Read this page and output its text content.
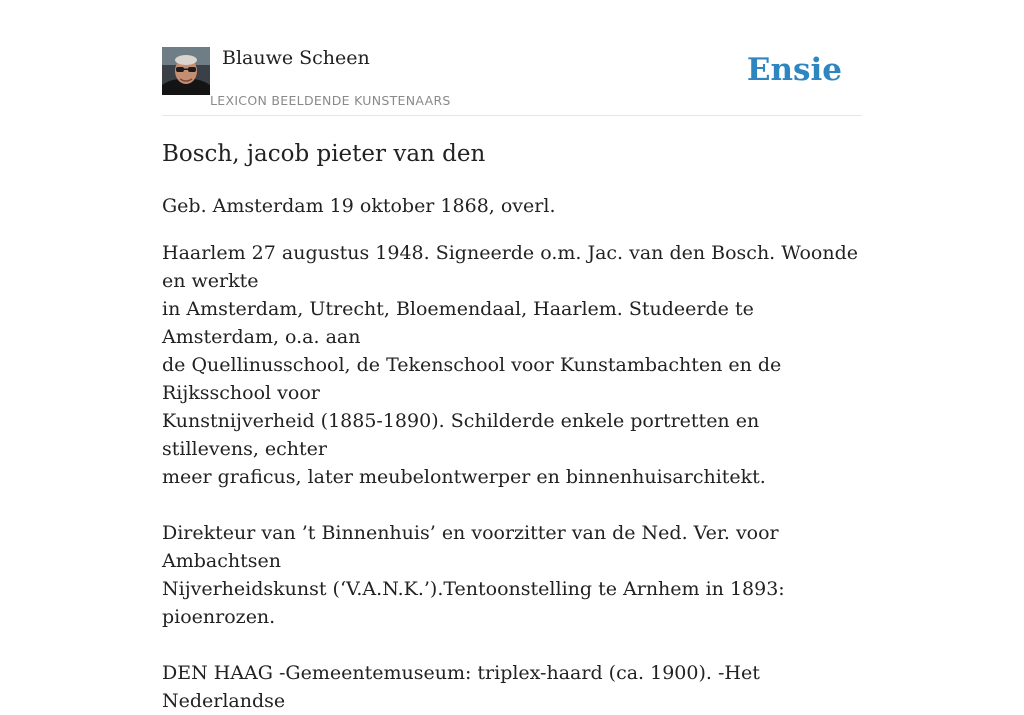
Blauwe Scheen
LEXICON BEELDENDE KUNSTENAARS
Ensie
Bosch, jacob pieter van den

Geb. Amsterdam 19 oktober 1868, overl.

Haarlem 27 augustus 1948. Signeerde o.m. Jac. van den Bosch. Woonde en werkte
in Amsterdam, Utrecht, Bloemendaal, Haarlem. Studeerde te Amsterdam, o.a. aan
de Quellinusschool, de Tekenschool voor Kunstambachten en de Rijksschool voor
Kunstnijverheid (1885-1890). Schilderde enkele portretten en stillevens, echter
meer graficus, later meubelontwerper en binnenhuisarchitekt.

Direkteur van ’t Binnenhuis’ en voorzitter van de Ned. Ver. voor Ambachtsen
Nijverheidskunst (‘V.A.N.K.’).Tentoonstelling te Arnhem in 1893: pioenrozen.

DEN HAAG -Gemeentemuseum: triplex-haard (ca. 1900). -Het Nederlandse
